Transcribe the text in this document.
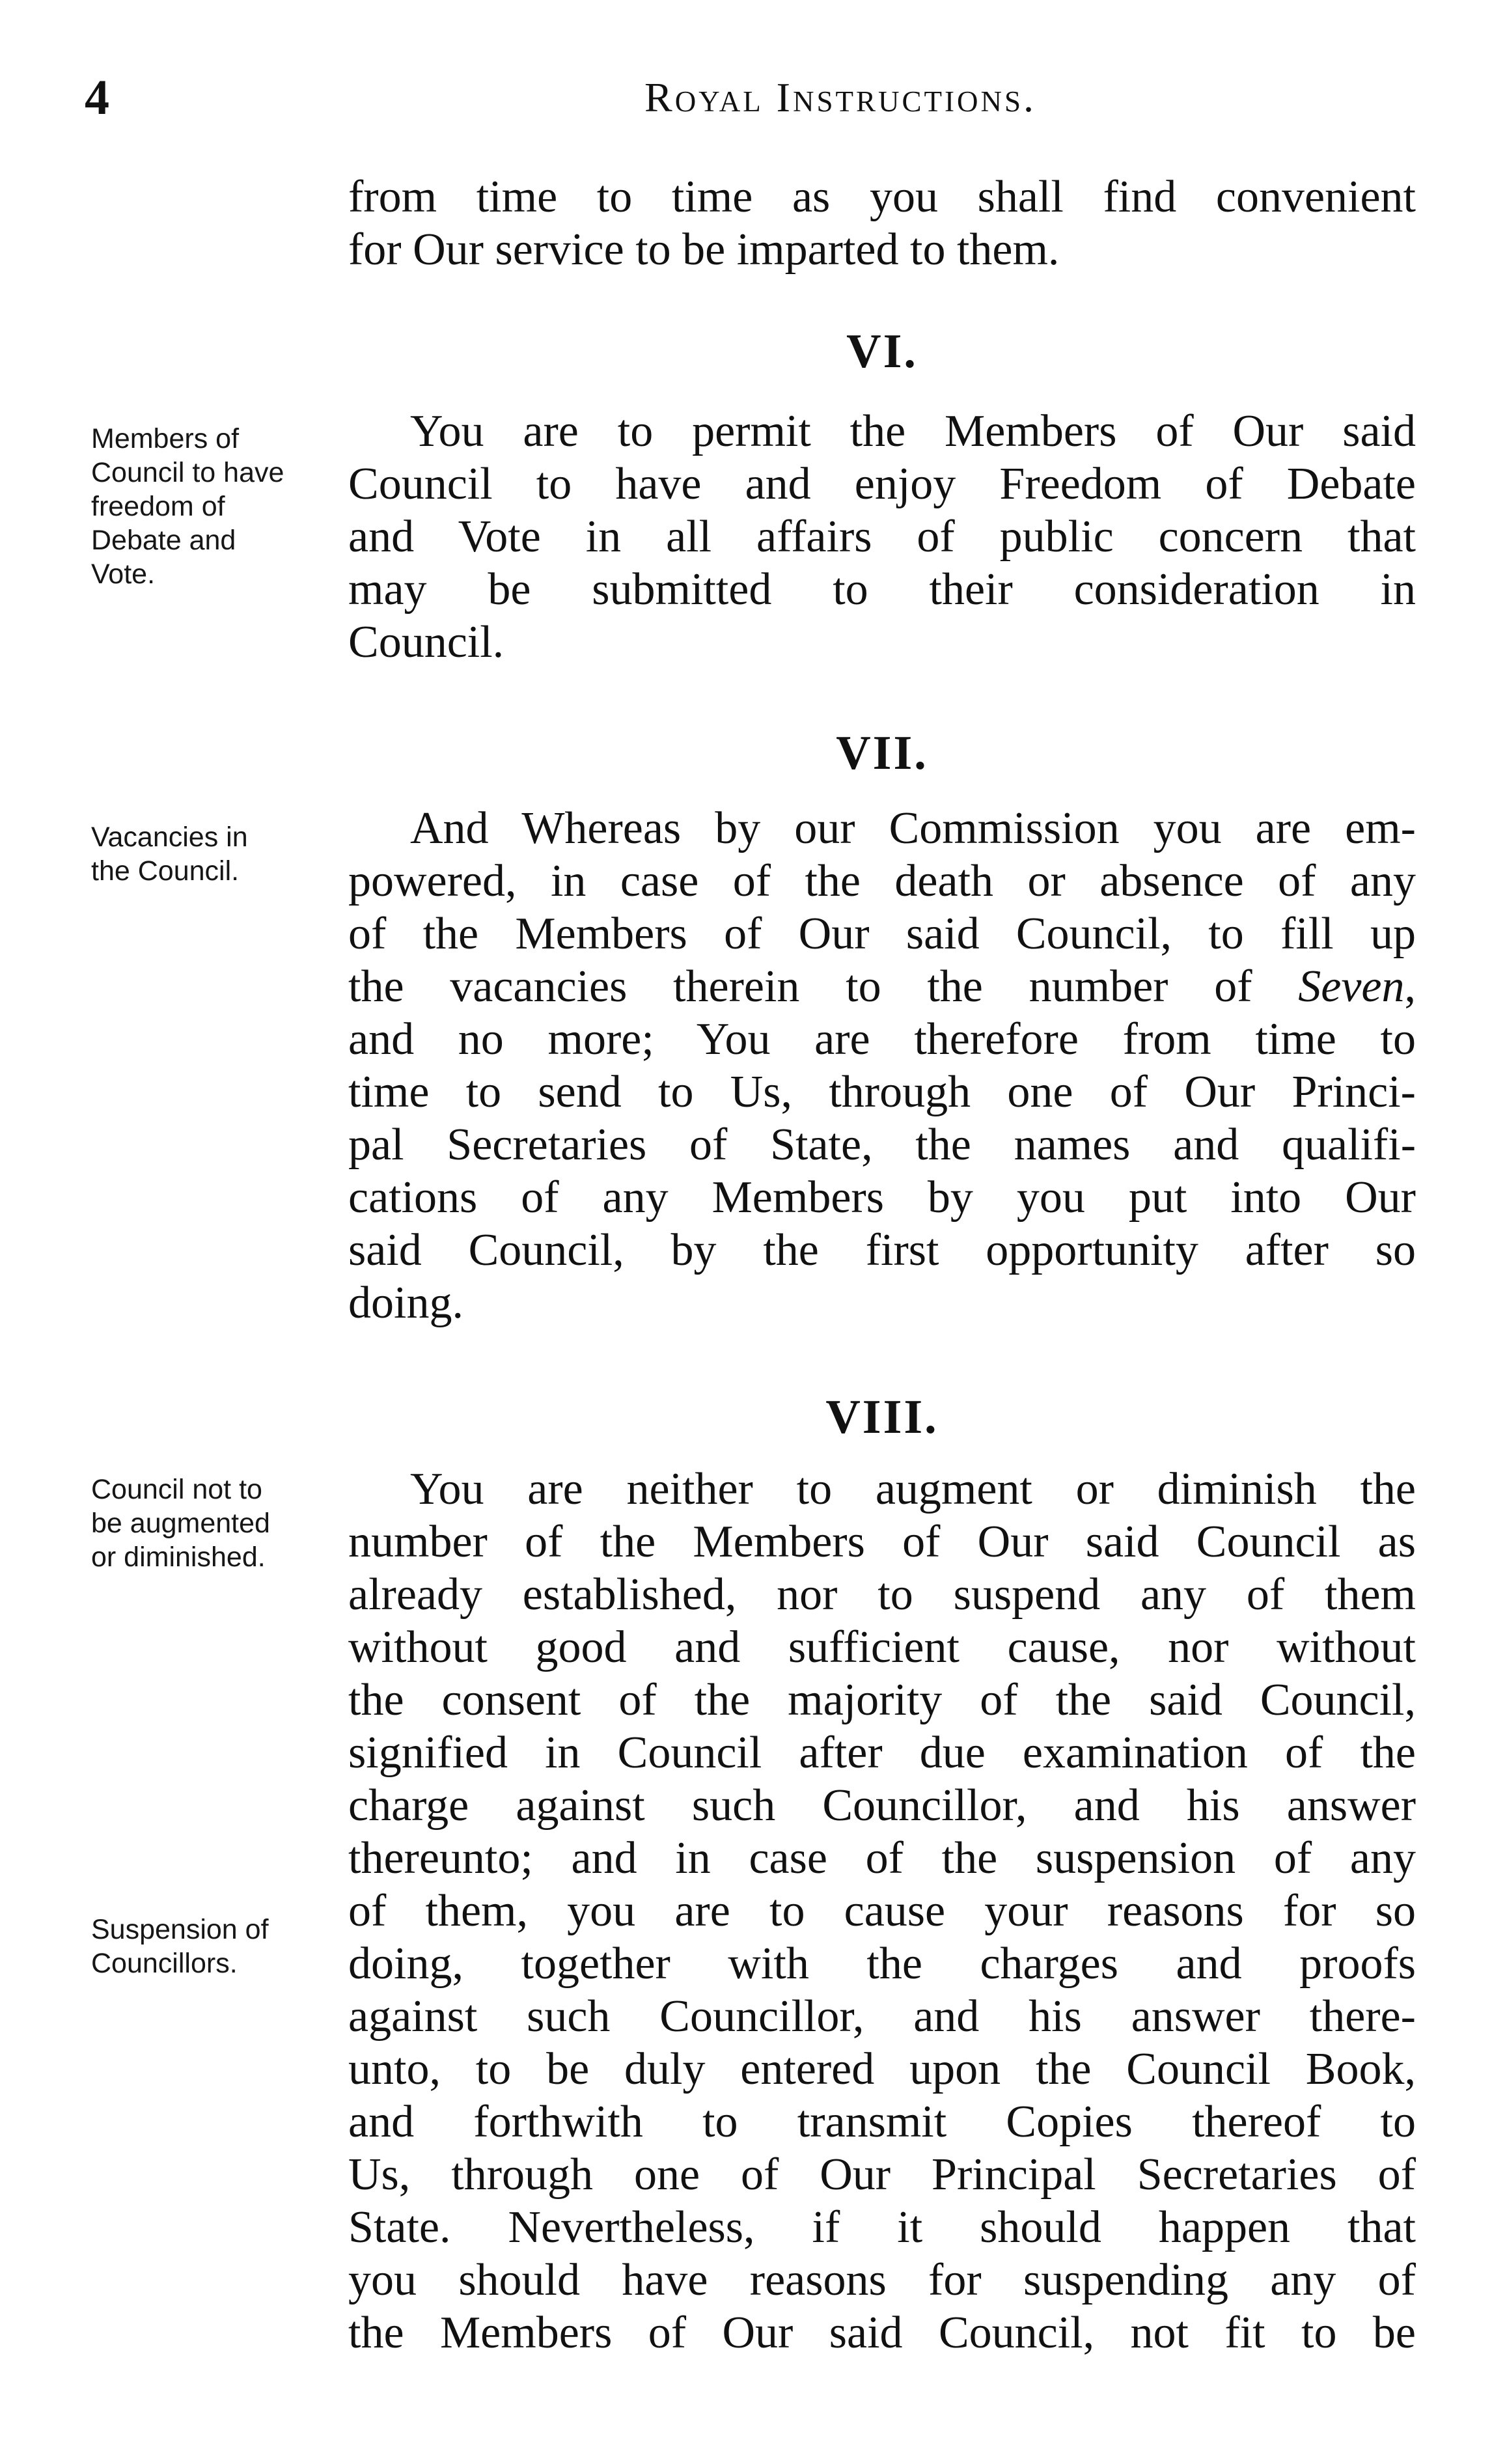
4	Royal Instructions.
from time to time as you shall find convenient
for Our service to be imparted to them.
VI.
Members of
Council to have
freedom of
Debate and
Vote.
You are to permit the Members of Our said
Council to have and enjoy Freedom of Debate
and Vote in all affairs of public concern that
may be submitted to their consideration in
Council.
VII.
Vacancies in
the Council.
And Whereas by our Commission you are em-
powered, in case of the death or absence of any
of the Members of Our said Council, to fill up
the vacancies therein to the number of Seven,
and no more; You are therefore from time to
time to send to Us, through one of Our Princi-
pal Secretaries of State, the names and qualifi-
cations of any Members by you put into Our
said Council, by the first opportunity after so
doing.
VIII.
Council not to
be augmented
or diminished.
Suspension of
Councillors.
You are neither to augment or diminish the
number of the Members of Our said Council as
already established, nor to suspend any of them
without good and sufficient cause, nor without
the consent of the majority of the said Council,
signified in Council after due examination of the
charge against such Councillor, and his answer
thereunto; and in case of the suspension of any
of them, you are to cause your reasons for so
doing, together with the charges and proofs
against such Councillor, and his answer there-
unto, to be duly entered upon the Council Book,
and forthwith to transmit Copies thereof to
Us, through one of Our Principal Secretaries of
State. Nevertheless, if it should happen that
you should have reasons for suspending any of
the Members of Our said Council, not fit to be
